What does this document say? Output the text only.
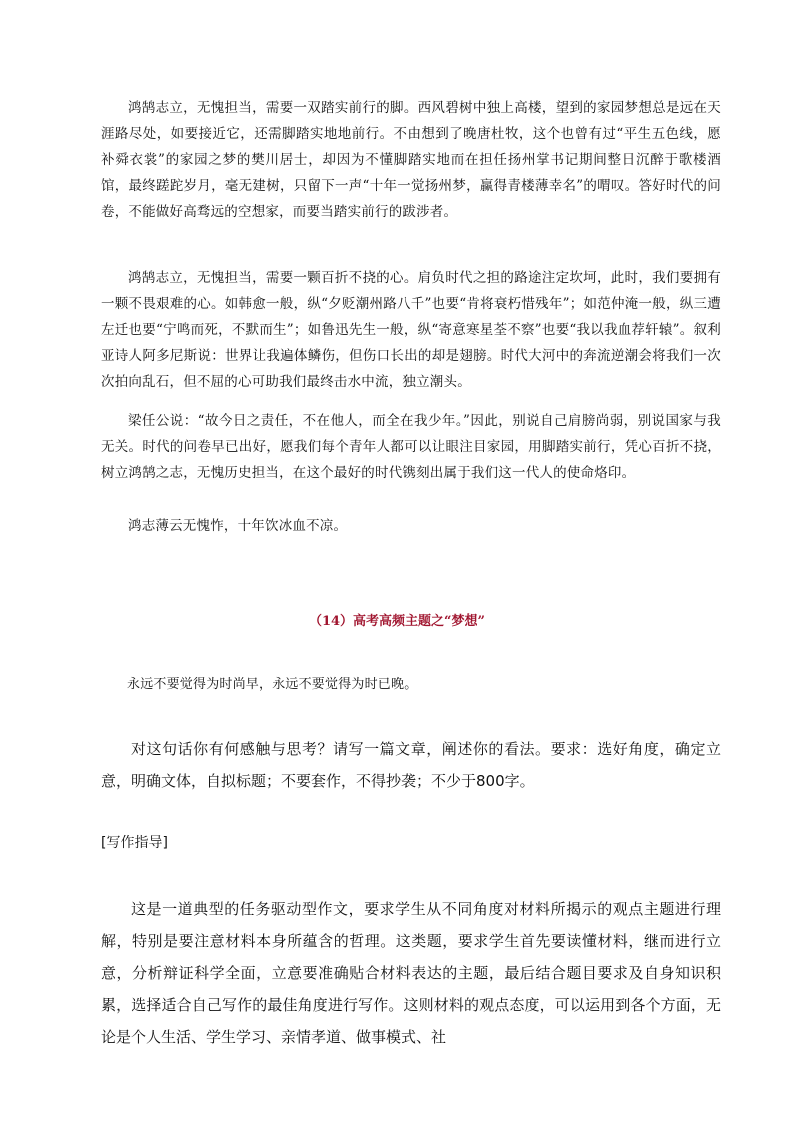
鸿鹄志立，无愧担当，需要一双踏实前行的脚。西风碧树中独上高楼，望到的家园梦想总是远在天涯路尽处，如要接近它，还需脚踏实地地前行。不由想到了晚唐杜牧，这个也曾有过“平生五色线，愿补舜衣裳”的家园之梦的樊川居士，却因为不懂脚踏实地而在担任扬州掌书记期间整日沉醉于歌楼酒馆，最终蹉跎岁月，毫无建树，只留下一声“十年一觉扬州梦，赢得青楼薄幸名”的喟叹。答好时代的问卷，不能做好高骛远的空想家，而要当踏实前行的跋涉者。

鸿鹄志立，无愧担当，需要一颗百折不挠的心。肩负时代之担的路途注定坎坷，此时，我们要拥有一颗不畏艰难的心。如韩愈一般，纵“夕贬潮州路八千”也要“肯将衰朽惜残年”；如范仲淹一般，纵三遭左迁也要“宁鸣而死，不默而生”；如鲁迅先生一般，纵“寄意寒星荃不察”也要“我以我血荐轩辕”。叙利亚诗人阿多尼斯说：世界让我遍体鳞伤，但伤口长出的却是翅膀。时代大河中的奔流逆潮会将我们一次次拍向乱石，但不屈的心可助我们最终击水中流，独立潮头。

梁任公说：“故今日之责任，不在他人，而全在我少年。”因此，别说自己肩膀尚弱，别说国家与我无关。时代的问卷早已出好，愿我们每个青年人都可以让眼注目家园，用脚踏实前行，凭心百折不挠，树立鸿鹄之志，无愧历史担当，在这个最好的时代镌刻出属于我们这一代人的使命烙印。

鸿志薄云无愧怍，十年饮冰血不凉。

（14）高考高频主题之“梦想”

永远不要觉得为时尚早，永远不要觉得为时已晚。

对这句话你有何感触与思考？请写一篇文章，阐述你的看法。要求：选好角度，确定立意，明确文体，自拟标题；不要套作，不得抄袭；不少于800字。

[写作指导]

这是一道典型的任务驱动型作文，要求学生从不同角度对材料所揭示的观点主题进行理解，特别是要注意材料本身所蕴含的哲理。这类题，要求学生首先要读懂材料，继而进行立意，分析辩证科学全面，立意要准确贴合材料表达的主题，最后结合题目要求及自身知识积累，选择适合自己写作的最佳角度进行写作。这则材料的观点态度，可以运用到各个方面，无论是个人生活、学生学习、亲情孝道、做事模式、社
